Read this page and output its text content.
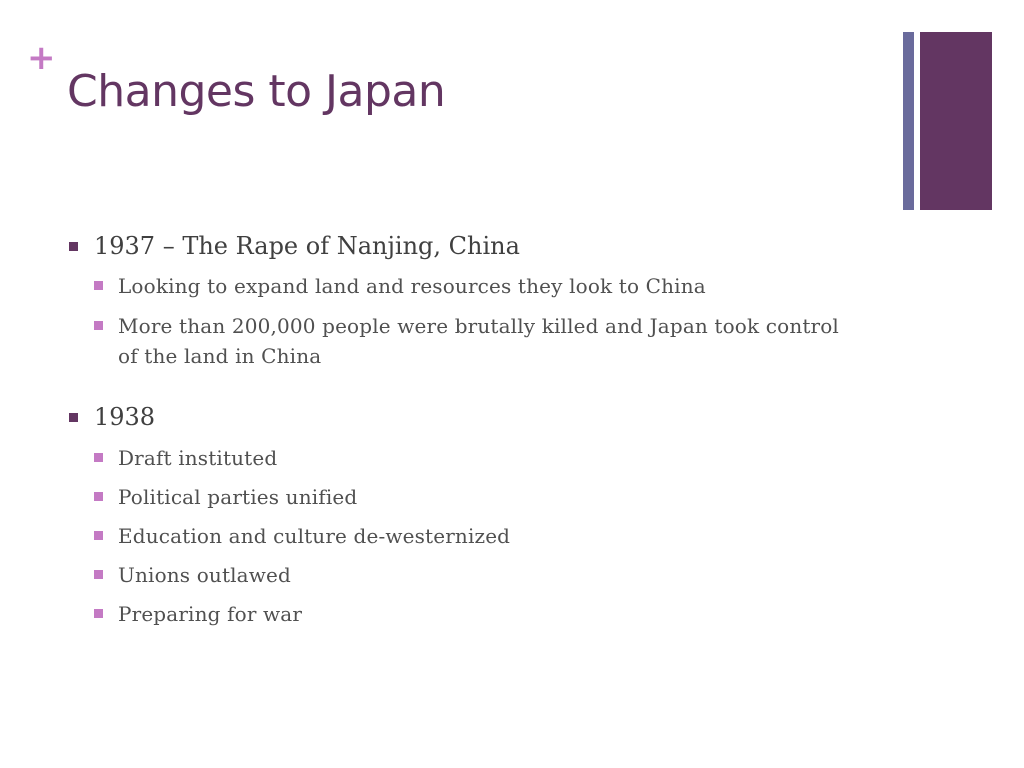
+
Changes to Japan
1937 – The Rape of Nanjing, China
Looking to expand land and resources they look to China
More than 200,000 people were brutally killed and Japan took control of the land in China
1938
Draft instituted
Political parties unified
Education and culture de-westernized
Unions outlawed
Preparing for war
